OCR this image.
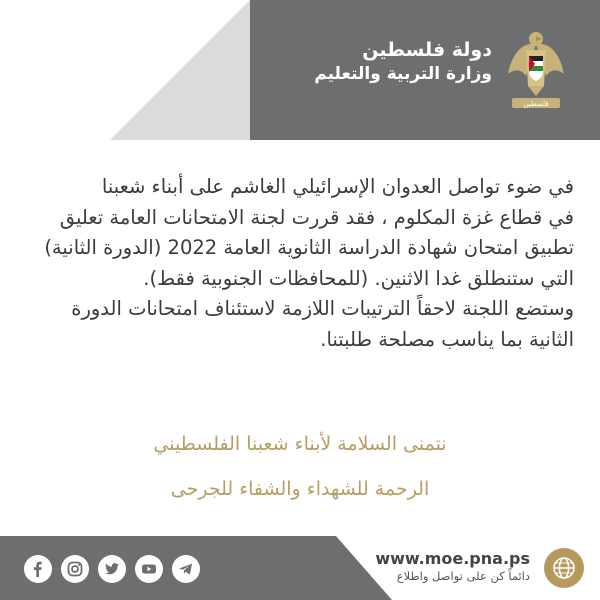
دولة فلسطين
وزارة التربية والتعليم
فلسطين

في ضوء تواصل العدوان الإسرائيلي الغاشم على أبناء شعبنا

في قطاع غزة المكلوم ، فقد قررت لجنة الامتحانات العامة تعليق

تطبيق امتحان شهادة الدراسة الثانوية العامة 2022 (الدورة الثانية)

التي ستنطلق غدا الاثنين. (للمحافظات الجنوبية فقط).

وستضع اللجنة لاحقاً الترتيبات اللازمة لاستئناف امتحانات الدورة

الثانية بما يناسب مصلحة طلبتنا.

نتمنى السلامة لأبناء شعبنا الفلسطيني
الرحمة للشهداء والشفاء للجرحى
www.moe.pna.ps
دائماً كن على تواصل واطلاع
